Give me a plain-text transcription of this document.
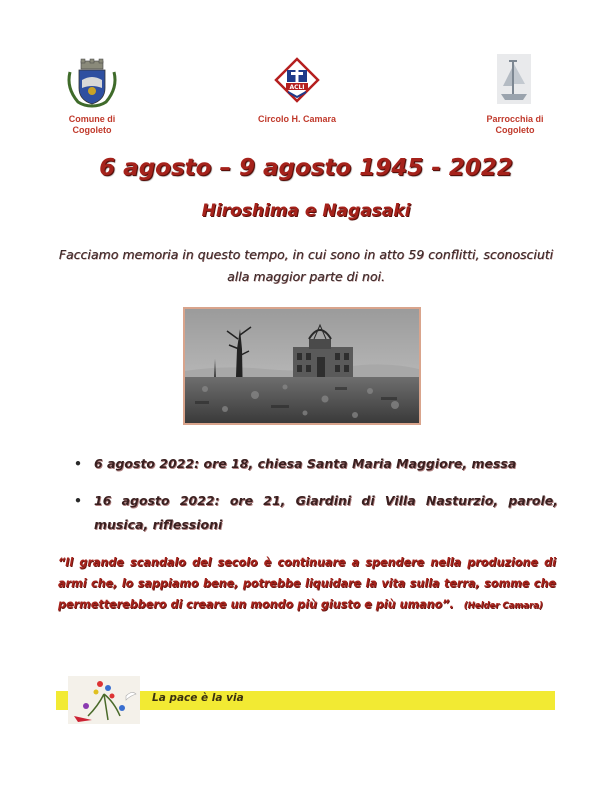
ACLI
Comune di
Cogoleto
Circolo H. Camara	Parrocchia di
Cogoleto
6 agosto – 9 agosto 1945 - 2022
Hiroshima e Nagasaki
Facciamo memoria in questo tempo, in cui sono in atto 59 conflitti, sconosciuti alla maggior parte di noi.
• 6 agosto 2022: ore 18, chiesa Santa Maria Maggiore, messa
• 16 agosto 2022: ore 21, Giardini di Villa Nasturzio, parole, musica, riflessioni
“Il grande scandalo del secolo è continuare a spendere nella produzione di armi che, lo sappiamo bene, potrebbe liquidare la vita sulla terra, somme che permetterebbero di creare un mondo più giusto e più umano”. (Helder Camara)
La pace è la via
